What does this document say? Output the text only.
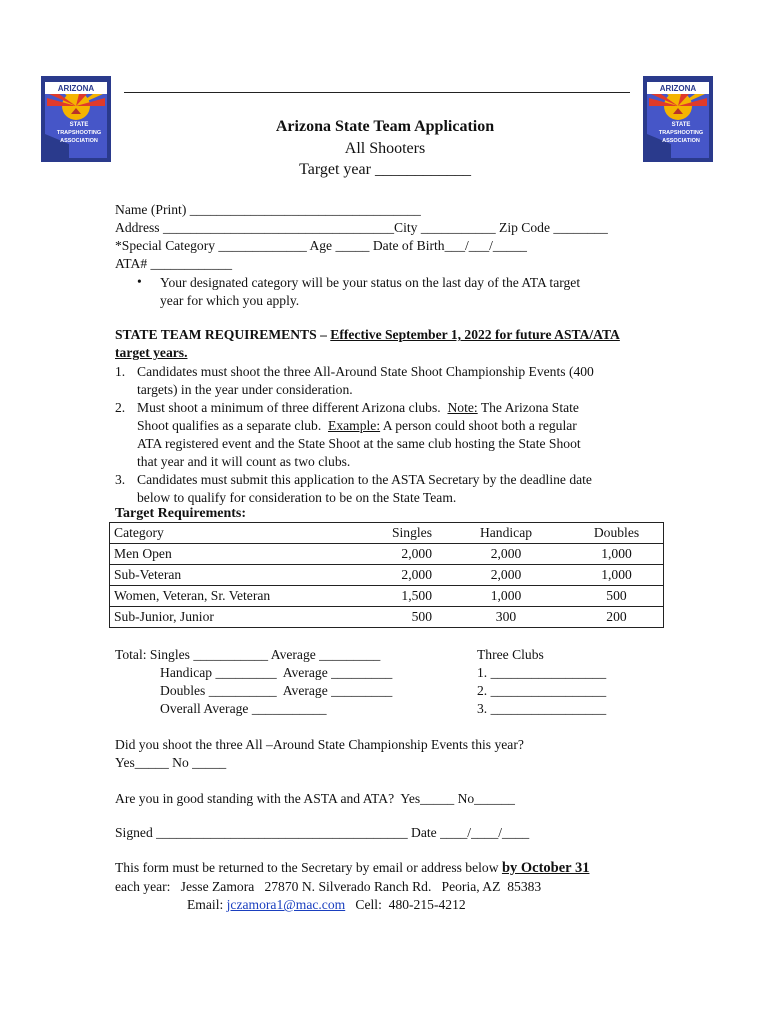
ARIZONA
STATE
TRAPSHOOTING
ASSOCIATION
ARIZONA
STATE
TRAPSHOOTING
ASSOCIATION
Arizona State Team Application
All Shooters
Target year ____________
Name (Print) __________________________________
Address __________________________________City ___________ Zip Code ________
*Special Category _____________ Age _____ Date of Birth___/___/_____
ATA# ____________
• Your designated category will be your status on the last day of the ATA target
year for which you apply.
STATE TEAM REQUIREMENTS – Effective September 1, 2022 for future ASTA/ATA target years.
1. Candidates must shoot the three All-Around State Shoot Championship Events (400
targets) in the year under consideration.
2. Must shoot a minimum of three different Arizona clubs.  Note: The Arizona State
Shoot qualifies as a separate club.  Example: A person could shoot both a regular
ATA registered event and the State Shoot at the same club hosting the State Shoot
that year and it will count as two clubs.
3. Candidates must submit this application to the ASTA Secretary by the deadline date
below to qualify for consideration to be on the State Team.
Target Requirements:
Category	Singles	Handicap	Doubles
Men Open	2,000	2,000	1,000
Sub-Veteran	2,000	2,000	1,000
Women, Veteran, Sr. Veteran	1,500	1,000	500
Sub-Junior, Junior	500	300	200
Total: Singles ___________ Average _________
Handicap _________  Average _________
Doubles __________  Average _________
Overall Average ___________
Three Clubs
1. _________________
2. _________________
3. _________________
Did you shoot the three All –Around State Championship Events this year?
Yes_____ No _____
Are you in good standing with the ASTA and ATA?  Yes_____ No______
Signed _____________________________________ Date ____/____/____
This form must be returned to the Secretary by email or address below by October 31
each year:   Jesse Zamora   27870 N. Silverado Ranch Rd.   Peoria, AZ  85383
Email: jczamora1@mac.com   Cell:  480-215-4212
